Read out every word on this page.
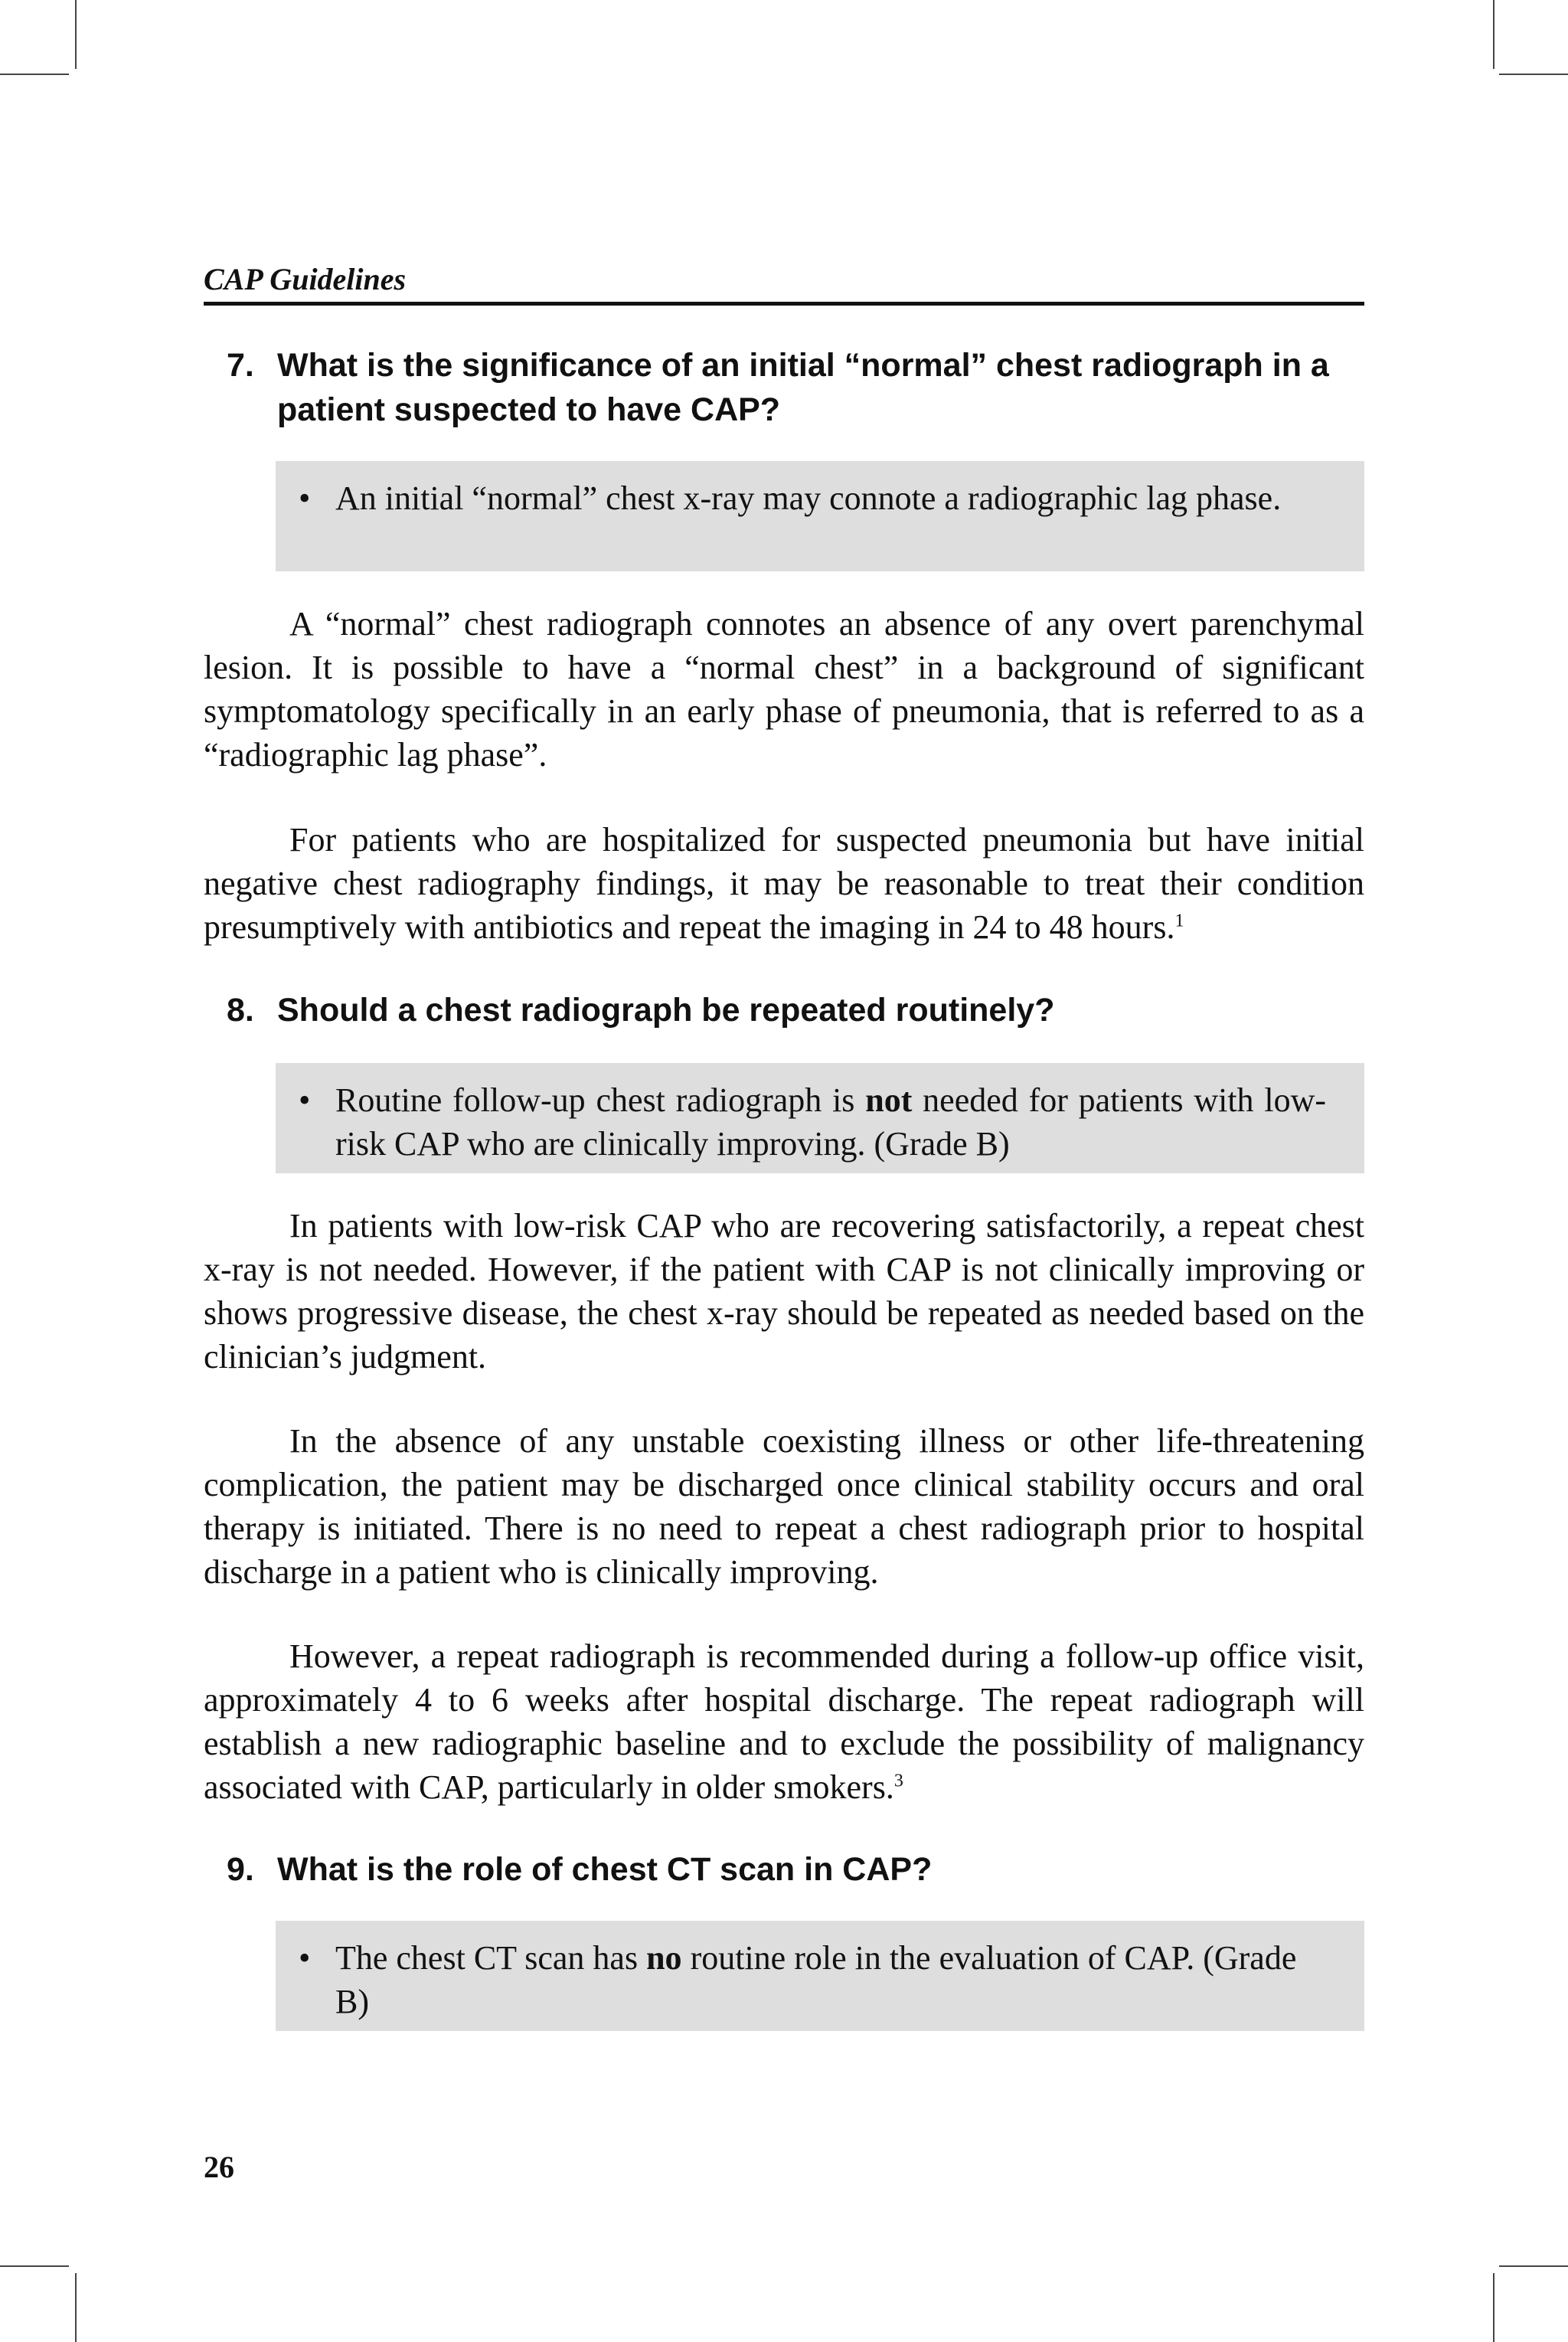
CAP Guidelines
7. What is the significance of an initial “normal” chest radiograph in a patient suspected to have CAP?
• An initial “normal” chest x-ray may connote a radiographic lag phase.

A “normal” chest radiograph connotes an absence of any overt parenchymal lesion. It is possible to have a “normal chest” in a background of significant symptomatology specifically in an early phase of pneumonia, that is referred to as a “radiographic lag phase”.

For patients who are hospitalized for suspected pneumonia but have initial negative chest radiography findings, it may be reasonable to treat their condition presumptively with antibiotics and repeat the imaging in 24 to 48 hours.$^1$

8. Should a chest radiograph be repeated routinely?
• Routine follow-up chest radiograph is not needed for patients with low-risk CAP who are clinically improving. (Grade B)

In patients with low-risk CAP who are recovering satisfactorily, a repeat chest x-ray is not needed. However, if the patient with CAP is not clinically improving or shows progressive disease, the chest x-ray should be repeated as needed based on the clinician’s judgment.

In the absence of any unstable coexisting illness or other life-threatening complication, the patient may be discharged once clinical stability occurs and oral therapy is initiated. There is no need to repeat a chest radiograph prior to hospital discharge in a patient who is clinically improving.

However, a repeat radiograph is recommended during a follow-up office visit, approximately 4 to 6 weeks after hospital discharge. The repeat radiograph will establish a new radiographic baseline and to exclude the possibility of malignancy associated with CAP, particularly in older smokers.$^3$

9. What is the role of chest CT scan in CAP?
• The chest CT scan has no routine role in the evaluation of CAP. (Grade B)
26
